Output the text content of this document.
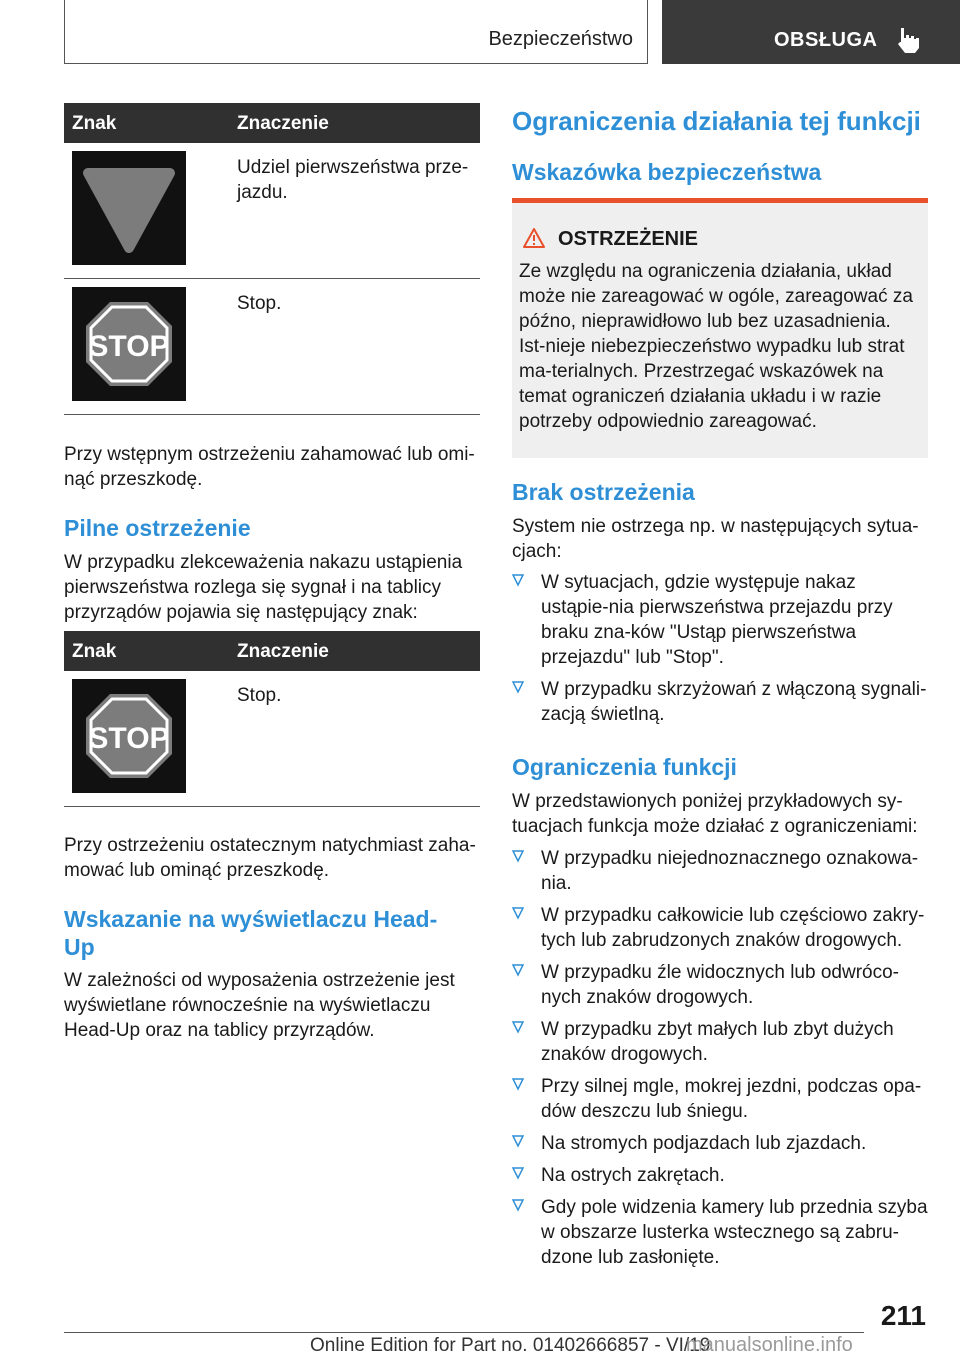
Bezpieczeństwo	OBSŁUGA
Znak	Znaczenie
Udziel pierwszeństwa prze-jazdu.
STOP
Stop.
Przy wstępnym ostrzeżeniu zahamować lub omi-nąć przeszkodę.
Pilne ostrzeżenie
W przypadku zlekceważenia nakazu ustąpienia pierwszeństwa rozlega się sygnał i na tablicy przyrządów pojawia się następujący znak:
Znak	Znaczenie
STOP
Stop.
Przy ostrzeżeniu ostatecznym natychmiast zaha-mować lub ominąć przeszkodę.
Wskazanie na wyświetlaczu Head-Up
W zależności od wyposażenia ostrzeżenie jest wyświetlane równocześnie na wyświetlaczu Head-Up oraz na tablicy przyrządów.
Ograniczenia działania tej funkcji
Wskazówka bezpieczeństwa
OSTRZEŻENIE
Ze względu na ograniczenia działania, układ może nie zareagować w ogóle, zareagować za późno, nieprawidłowo lub bez uzasadnienia. Ist-nieje niebezpieczeństwo wypadku lub strat ma-terialnych. Przestrzegać wskazówek na temat ograniczeń działania układu i w razie potrzeby odpowiednio zareagować.
Brak ostrzeżenia
System nie ostrzega np. w następujących sytua-cjach:
W sytuacjach, gdzie występuje nakaz ustąpie-nia pierwszeństwa przejazdu przy braku zna-ków "Ustąp pierwszeństwa przejazdu" lub "Stop".
W przypadku skrzyżowań z włączoną sygnali-zacją świetlną.
Ograniczenia funkcji
W przedstawionych poniżej przykładowych sy-tuacjach funkcja może działać z ograniczeniami:
W przypadku niejednoznacznego oznakowa-nia.
W przypadku całkowicie lub częściowo zakry-tych lub zabrudzonych znaków drogowych.
W przypadku źle widocznych lub odwróco-nych znaków drogowych.
W przypadku zbyt małych lub zbyt dużych znaków drogowych.
Przy silnej mgle, mokrej jezdni, podczas opa-dów deszczu lub śniegu.
Na stromych podjazdach lub zjazdach.
Na ostrych zakrętach.
Gdy pole widzenia kamery lub przednia szyba w obszarze lusterka wstecznego są zabru-dzone lub zasłonięte.
211
Online Edition for Part no. 01402666857 - VI/19
manualsonline.info
